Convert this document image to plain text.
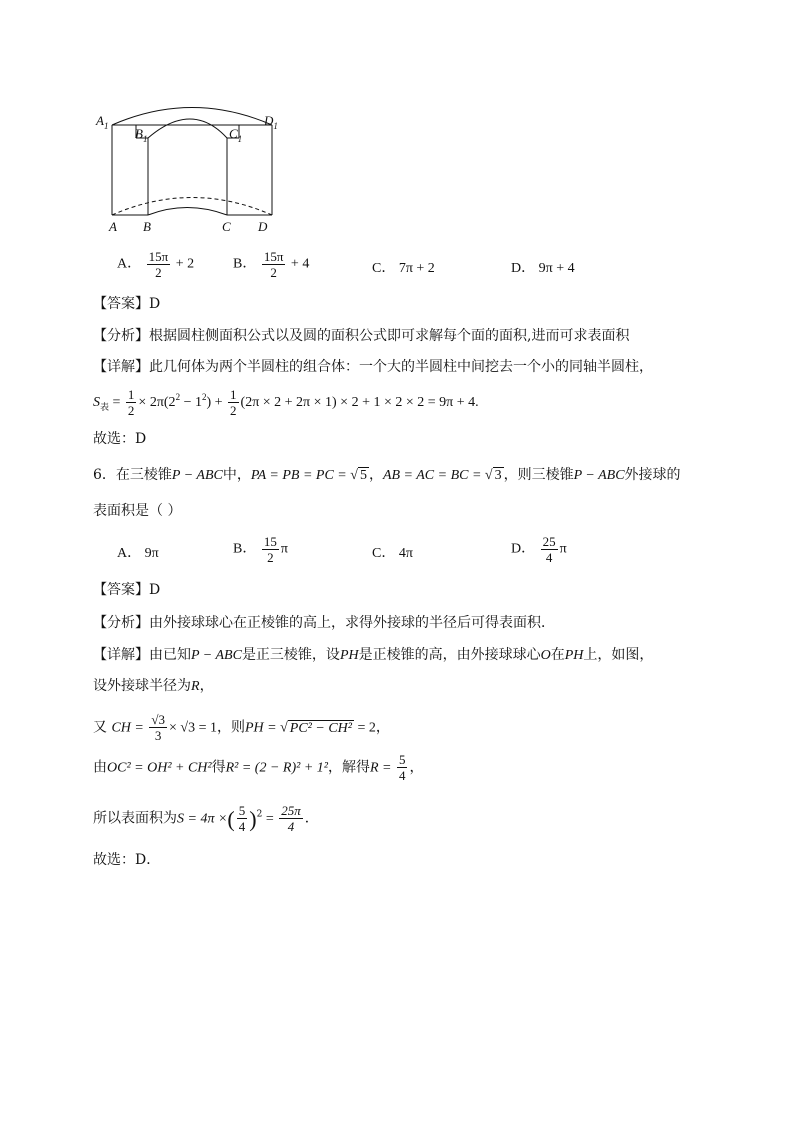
$A_1$ $B_1$	$C_1$
$D_1$
A B	C D
A． $\frac{15\pi}{2} + 2$	B． $\frac{15\pi}{2} + 4$	C． 7π + 2	D． 9π + 4
【答案】D
【分析】根据圆柱侧面积公式以及圆的面积公式即可求解每个面的面积,进而可求表面积
【详解】此几何体为两个半圆柱的组合体：一个大的半圆柱中间挖去一个小的同轴半圆柱，
$S_表 = \frac{1}{2} \times 2\pi(2^2 - 1^2) + \frac{1}{2} (2\pi \times 2 + 2\pi \times 1) \times 2 + 1 \times 2 \times 2 = 9\pi + 4$.
故选：D
6．在三棱锥P − ABC中，PA = PB = PC = √ 5 ，AB = AC = BC = √ 3 ，则三棱锥P − ABC外接球的
表面积是（ ）
A． 9π	B． $\frac{15}{2}$ π	C． 4π	D． $\frac{25}{4}$ π
【答案】D
【分析】由外接球球心在正棱锥的高上，求得外接球的半径后可得表面积．
【详解】由已知P − ABC是正三棱锥，设PH是正棱锥的高，由外接球球心O在PH上，如图，
设外接球半径为R，
又 CH = $\frac{√3}{3} \times √3 = 1$，则PH = √ PC² − CH² = 2，
由OC² = OH² + CH²得R² = (2 − R)² + 1²，解得$R = \frac{5}{4}$ ，
所以表面积为S = 4π ×( $\frac{5}{4} )^2 = \frac{25\pi}{4}$ ．
故选：D．
